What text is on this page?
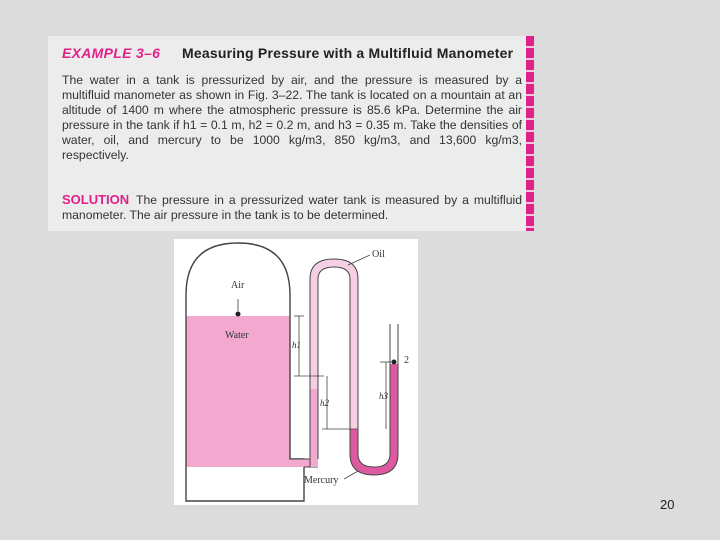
EXAMPLE 3–6 Measuring Pressure with a Multifluid Manometer
The water in a tank is pressurized by air, and the pressure is measured by a multifluid manometer as shown in Fig. 3–22. The tank is located on a mountain at an altitude of 1400 m where the atmospheric pressure is 85.6 kPa. Determine the air pressure in the tank if h1 = 0.1 m, h2 = 0.2 m, and h3 = 0.35 m. Take the densities of water, oil, and mercury to be 1000 kg/m3, 850 kg/m3, and 13,600 kg/m3, respectively.
SOLUTION The pressure in a pressurized water tank is measured by a multifluid manometer. The air pressure in the tank is to be determined.
Oil
Air
Water
h1
h2
h3
2
Mercury
20
